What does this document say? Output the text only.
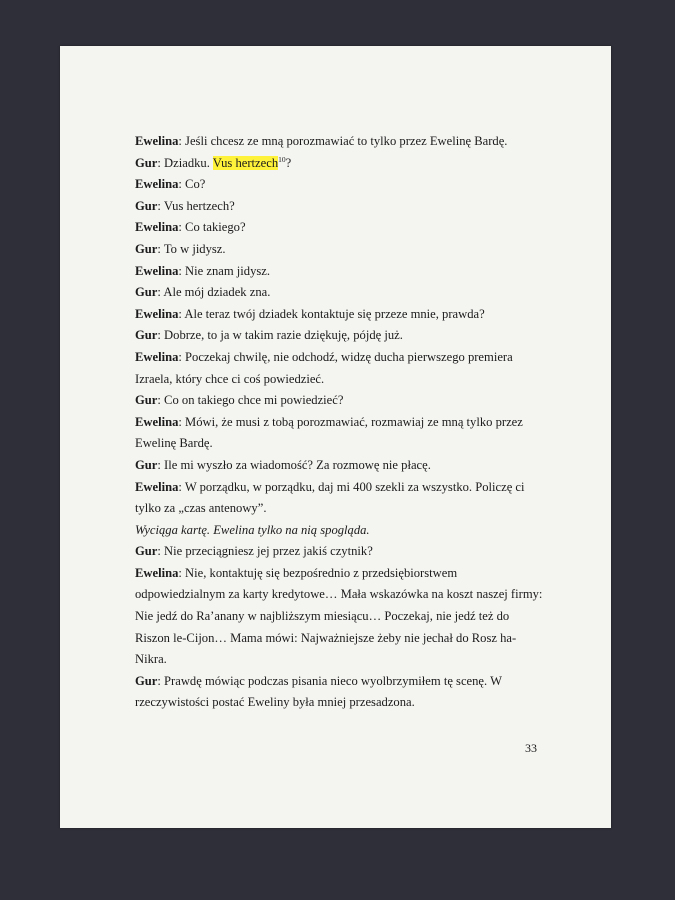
Ewelina: Jeśli chcesz ze mną porozmawiać to tylko przez Ewelinę Bardę.

Gur: Dziadku. Vus hertzech$^{10}$?

Ewelina: Co?

Gur: Vus hertzech?

Ewelina: Co takiego?

Gur: To w jidysz.

Ewelina: Nie znam jidysz.

Gur: Ale mój dziadek zna.

Ewelina: Ale teraz twój dziadek kontaktuje się przeze mnie, prawda?

Gur: Dobrze, to ja w takim razie dziękuję, pójdę już.

Ewelina: Poczekaj chwilę, nie odchodź, widzę ducha pierwszego premiera Izraela, który chce ci coś powiedzieć.

Gur: Co on takiego chce mi powiedzieć?

Ewelina: Mówi, że musi z tobą porozmawiać, rozmawiaj ze mną tylko przez Ewelinę Bardę.

Gur: Ile mi wyszło za wiadomość? Za rozmowę nie płacę.

Ewelina: W porządku, w porządku, daj mi 400 szekli za wszystko. Policzę ci tylko za „czas antenowy”.

Wyciąga kartę. Ewelina tylko na nią spogląda.

Gur: Nie przeciągniesz jej przez jakiś czytnik?

Ewelina: Nie, kontaktuję się bezpośrednio z przedsiębiorstwem odpowiedzialnym za karty kredytowe… Mała wskazówka na koszt naszej firmy: Nie jedź do Ra’anany w najbliższym miesiącu… Poczekaj, nie jedź też do Riszon le-Cijon… Mama mówi: Najważniejsze żeby nie jechał do Rosz ha-Nikra.

Gur: Prawdę mówiąc podczas pisania nieco wyolbrzymiłem tę scenę. W rzeczywistości postać Eweliny była mniej przesadzona.

33
